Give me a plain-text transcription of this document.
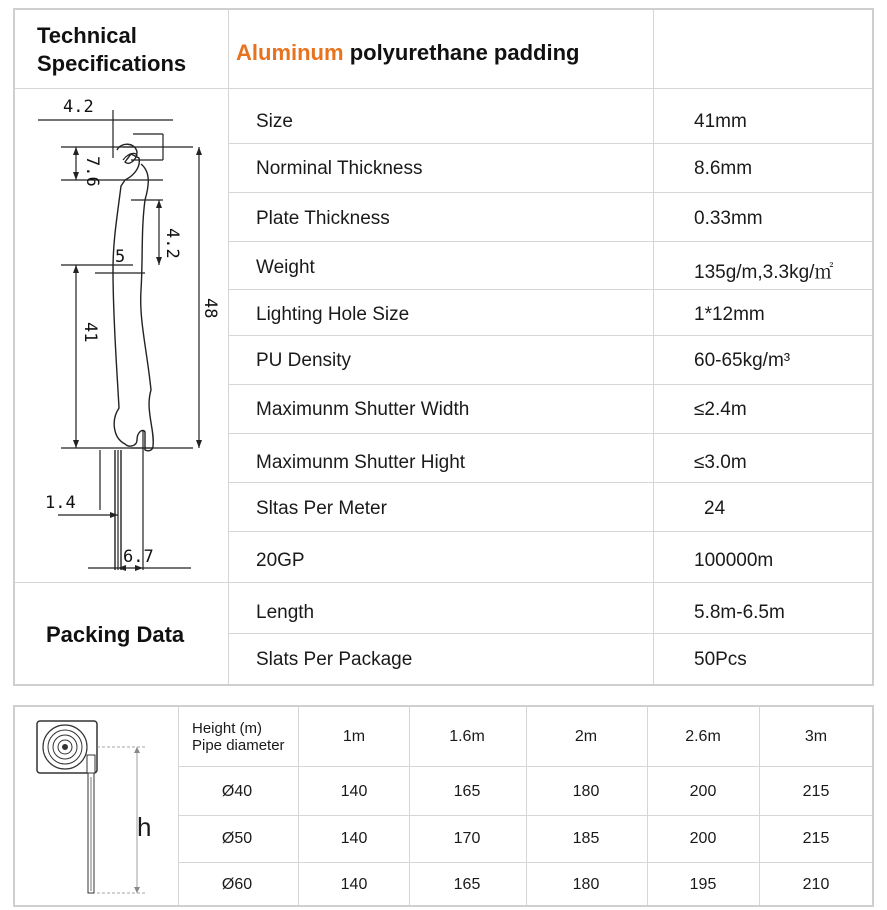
Technical
Specifications Aluminum polyurethane padding
4.2
7.6
4.2
5
48
41
1.4
6.7
Size	41mm
Norminal Thickness	8.6mm
Plate Thickness	0.33mm
Weight	135g/m,3.3kg/㎡
Lighting Hole Size	1*12mm
PU Density	60-65kg/m³
Maximunm Shutter Width	≤2.4m
Maximunm Shutter Hight	≤3.0m
Sltas Per Meter	24
20GP	100000m
Packing Data
Length	5.8m-6.5m
Slats Per Package	50Pcs
h
Height (m)
Pipe diameter
1m	1.6m	2m	2.6m	3m
Ø40	140	165	180	200	215
Ø50	140	170	185	200	215
Ø60	140	165	180	195	210
